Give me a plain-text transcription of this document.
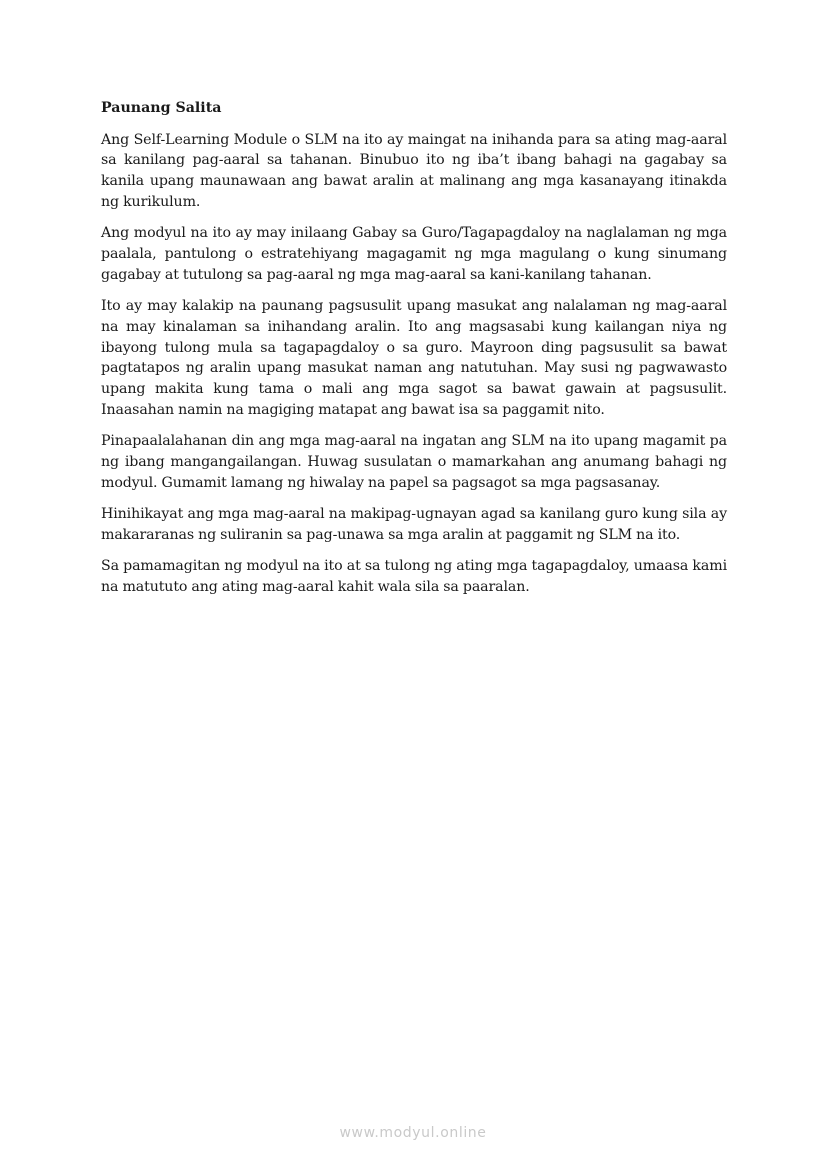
Paunang Salita

Ang Self-Learning Module o SLM na ito ay maingat na inihanda para sa ating mag-aaral sa kanilang pag-aaral sa tahanan. Binubuo ito ng iba’t ibang bahagi na gagabay sa kanila upang maunawaan ang bawat aralin at malinang ang mga kasanayang itinakda ng kurikulum.

Ang modyul na ito ay may inilaang Gabay sa Guro/Tagapagdaloy na naglalaman ng mga paalala, pantulong o estratehiyang magagamit ng mga magulang o kung sinumang gagabay at tutulong sa pag-aaral ng mga mag-aaral sa kani-kanilang tahanan.

Ito ay may kalakip na paunang pagsusulit upang masukat ang nalalaman ng mag-aaral na may kinalaman sa inihandang aralin. Ito ang magsasabi kung kailangan niya ng ibayong tulong mula sa tagapagdaloy o sa guro. Mayroon ding pagsusulit sa bawat pagtatapos ng aralin upang masukat naman ang natutuhan. May susi ng pagwawasto upang makita kung tama o mali ang mga sagot sa bawat gawain at pagsusulit. Inaasahan namin na magiging matapat ang bawat isa sa paggamit nito.

Pinapaalalahanan din ang mga mag-aaral na ingatan ang SLM na ito upang magamit pa ng ibang mangangailangan. Huwag susulatan o mamarkahan ang anumang bahagi ng modyul. Gumamit lamang ng hiwalay na papel sa pagsagot sa mga pagsasanay.

Hinihikayat ang mga mag-aaral na makipag-ugnayan agad sa kanilang guro kung sila ay makararanas ng suliranin sa pag-unawa sa mga aralin at paggamit ng SLM na ito.

Sa pamamagitan ng modyul na ito at sa tulong ng ating mga tagapagdaloy, umaasa kami na matututo ang ating mag-aaral kahit wala sila sa paaralan.

www.modyul.online
